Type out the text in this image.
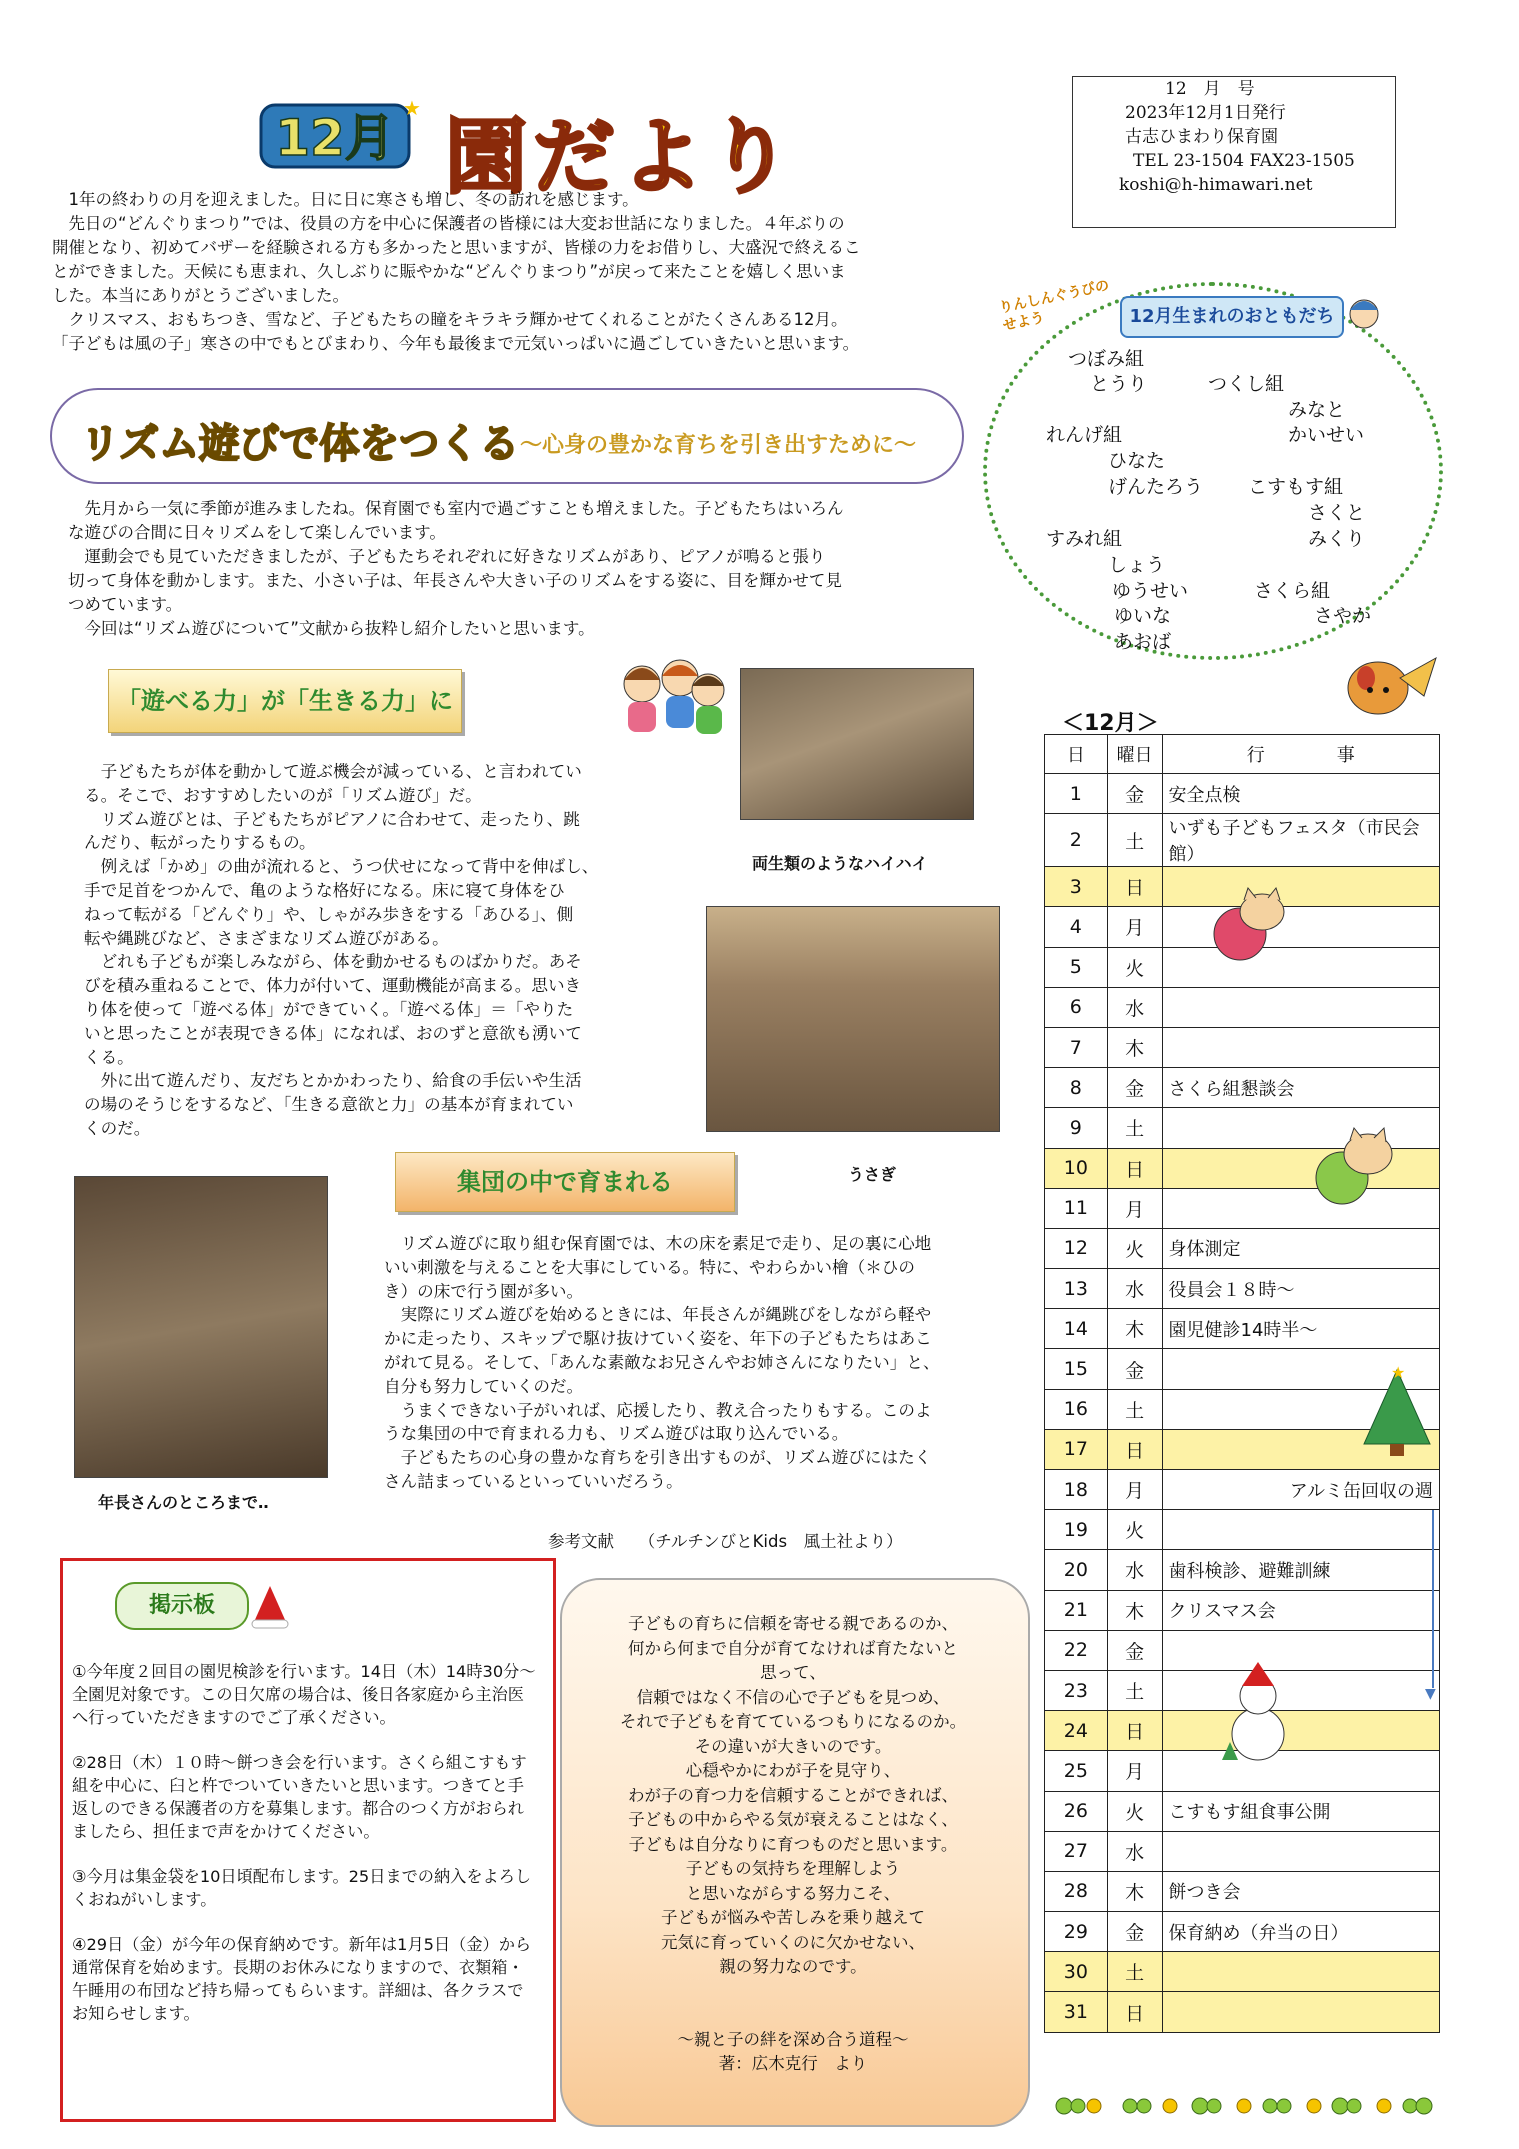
12月
★
園だより
12　月　号
2023年12月1日発行
古志ひまわり保育園
TEL 23-1504 FAX23-1505
koshi@h-himawari.net
　1年の終わりの月を迎えました。日に日に寒さも増し、冬の訪れを感じます。
　先日の“どんぐりまつり”では、役員の方を中心に保護者の皆様には大変お世話になりました。４年ぶりの
開催となり、初めてバザーを経験される方も多かったと思いますが、皆様の力をお借りし、大盛況で終えるこ
とができました。天候にも恵まれ、久しぶりに賑やかな“どんぐりまつり”が戻って来たことを嬉しく思いま
した。本当にありがとうございました。
　クリスマス、おもちつき、雪など、子どもたちの瞳をキラキラ輝かせてくれることがたくさんある12月。
「子どもは風の子」寒さの中でもとびまわり、今年も最後まで元気いっぱいに過ごしていきたいと思います。
リズム遊びで体をつくる ～心身の豊かな育ちを引き出すために～
　先月から一気に季節が進みましたね。保育園でも室内で過ごすことも増えました。子どもたちはいろん
な遊びの合間に日々リズムをして楽しんでいます。
　運動会でも見ていただきましたが、子どもたちそれぞれに好きなリズムがあり、ピアノが鳴ると張り
切って身体を動かします。また、小さい子は、年長さんや大きい子のリズムをする姿に、目を輝かせて見
つめています。
　今回は“リズム遊びについて”文献から抜粋し紹介したいと思います。
「遊べる力」が「生きる力」に
両生類のようなハイハイ
うさぎ
　子どもたちが体を動かして遊ぶ機会が減っている、と言われてい
る。そこで、おすすめしたいのが「リズム遊び」だ。
　リズム遊びとは、子どもたちがピアノに合わせて、走ったり、跳
んだり、転がったりするもの。
　例えば「かめ」の曲が流れると、うつ伏せになって背中を伸ばし、
手で足首をつかんで、亀のような格好になる。床に寝て身体をひ
ねって転がる「どんぐり」や、しゃがみ歩きをする「あひる」、側
転や縄跳びなど、さまざまなリズム遊びがある。
　どれも子どもが楽しみながら、体を動かせるものばかりだ。あそ
びを積み重ねることで、体力が付いて、運動機能が高まる。思いき
り体を使って「遊べる体」ができていく。「遊べる体」＝「やりた
いと思ったことが表現できる体」になれば、おのずと意欲も湧いて
くる。
　外に出て遊んだり、友だちとかかわったり、給食の手伝いや生活
の場のそうじをするなど、「生きる意欲と力」の基本が育まれてい
くのだ。
年長さんのところまで‥
集団の中で育まれる
　リズム遊びに取り組む保育園では、木の床を素足で走り、足の裏に心地
いい刺激を与えることを大事にしている。特に、やわらかい檜（＊ひの
き）の床で行う園が多い。
　実際にリズム遊びを始めるときには、年長さんが縄跳びをしながら軽や
かに走ったり、スキップで駆け抜けていく姿を、年下の子どもたちはあこ
がれて見る。そして、「あんな素敵なお兄さんやお姉さんになりたい」と、
自分も努力していくのだ。
　うまくできない子がいれば、応援したり、教え合ったりもする。このよ
うな集団の中で育まれる力も、リズム遊びは取り込んでいる。
　子どもたちの心身の豊かな育ちを引き出すものが、リズム遊びにはたく
さん詰まっているといっていいだろう。
参考文献　　（チルチンびとKids　風土社より）
りんしんぐうびのせよう	12月生まれのおともだち
つぼみ組
とうり	つくし組
みなと
れんげ組	かいせい
ひなた
げんたろう こすもす組
さくと
すみれ組	みくり
しょう
ゆうせい	さくら組
ゆいな	さやか
あおば
＜12月＞
日	曜日	行　　　　事
1	金	安全点検
2	土	いずも子どもフェスタ（市民会館）
3	日	
4	月	
5	火	
6	水	
7	木	
8	金	さくら組懇談会
9	土	
10	日	
11	月	
12	火	身体測定
13	水	役員会１８時～
14	木	園児健診14時半～
15	金	
16	土	
17	日	
18	月	アルミ缶回収の週
19	火	
20	水	歯科検診、避難訓練
21	木	クリスマス会
22	金	
23	土	
24	日	
25	月	
26	火	こすもす組食事公開
27	水	
28	木	餅つき会
29	金	保育納め（弁当の日）
30	土	
31	日	
★
▼
掲示板

①今年度２回目の園児検診を行います。14日（木）14時30分～全園児対象です。この日欠席の場合は、後日各家庭から主治医へ行っていただきますのでご了承ください。

②28日（木）１０時～餅つき会を行います。さくら組こすもす組を中心に、臼と杵でついていきたいと思います。つきてと手返しのできる保護者の方を募集します。都合のつく方がおられましたら、担任まで声をかけてください。

③今月は集金袋を10日頃配布します。25日までの納入をよろしくおねがいします。

④29日（金）が今年の保育納めです。新年は1月5日（金）から通常保育を始めます。長期のお休みになりますので、衣類箱・午睡用の布団など持ち帰ってもらいます。詳細は、各クラスでお知らせします。

子どもの育ちに信頼を寄せる親であるのか、
何から何まで自分が育てなければ育たないと
思って、
信頼ではなく不信の心で子どもを見つめ、
それで子どもを育てているつもりになるのか。
その違いが大きいのです。
心穏やかにわが子を見守り、
わが子の育つ力を信頼することができれば、
子どもの中からやる気が衰えることはなく、
子どもは自分なりに育つものだと思います。
子どもの気持ちを理解しよう
と思いながらする努力こそ、
子どもが悩みや苦しみを乗り越えて
元気に育っていくのに欠かせない、
親の努力なのです。
～親と子の絆を深め合う道程～
著：広木克行　より
